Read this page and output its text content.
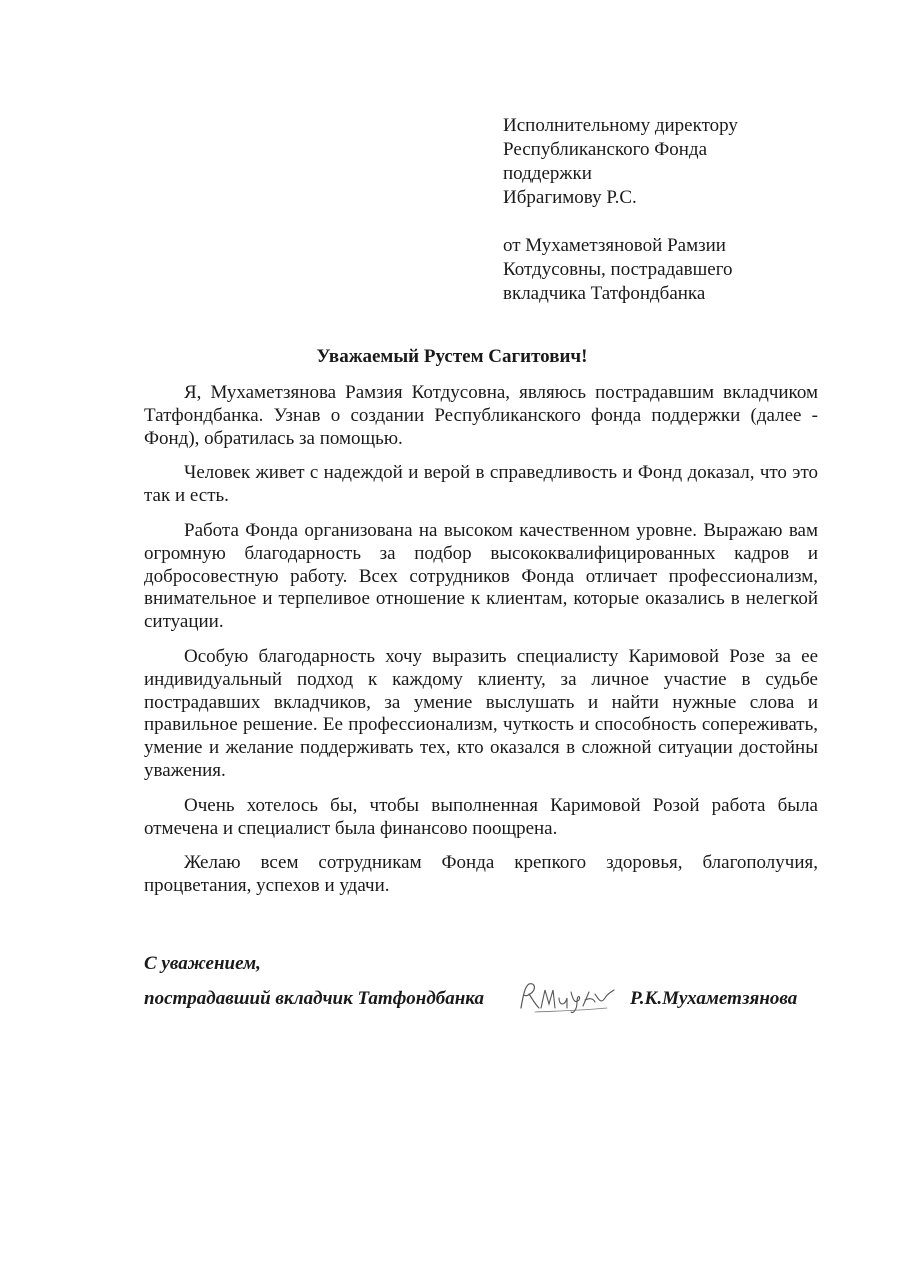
Исполнительному директору
Республиканского Фонда
поддержки
Ибрагимову Р.С.
от Мухаметзяновой Рамзии
Котдусовны, пострадавшего
вкладчика Татфондбанка
Уважаемый Рустем Сагитович!

Я, Мухаметзянова Рамзия Котдусовна, являюсь пострадавшим вкладчиком Татфондбанка. Узнав о создании Республиканского фонда поддержки (далее - Фонд), обратилась за помощью.

Человек живет с надеждой и верой в справедливость и Фонд доказал, что это так и есть.

Работа Фонда организована на высоком качественном уровне. Выражаю вам огромную благодарность за подбор высококвалифицированных кадров и добросовестную работу. Всех сотрудников Фонда отличает профессионализм, внимательное и терпеливое отношение к клиентам, которые оказались в нелегкой ситуации.

Особую благодарность хочу выразить специалисту Каримовой Розе за ее индивидуальный подход к каждому клиенту, за личное участие в судьбе пострадавших вкладчиков, за умение выслушать и найти нужные слова и правильное решение. Ее профессионализм, чуткость и способность сопереживать, умение и желание поддерживать тех, кто оказался в сложной ситуации достойны уважения.

Очень хотелось бы, чтобы выполненная Каримовой Розой работа была отмечена и специалист была финансово поощрена.

Желаю всем сотрудникам Фонда крепкого здоровья, благополучия, процветания, успехов и удачи.

С уважением,
пострадавший вкладчик Татфондбанка	Р.К.Мухаметзянова
